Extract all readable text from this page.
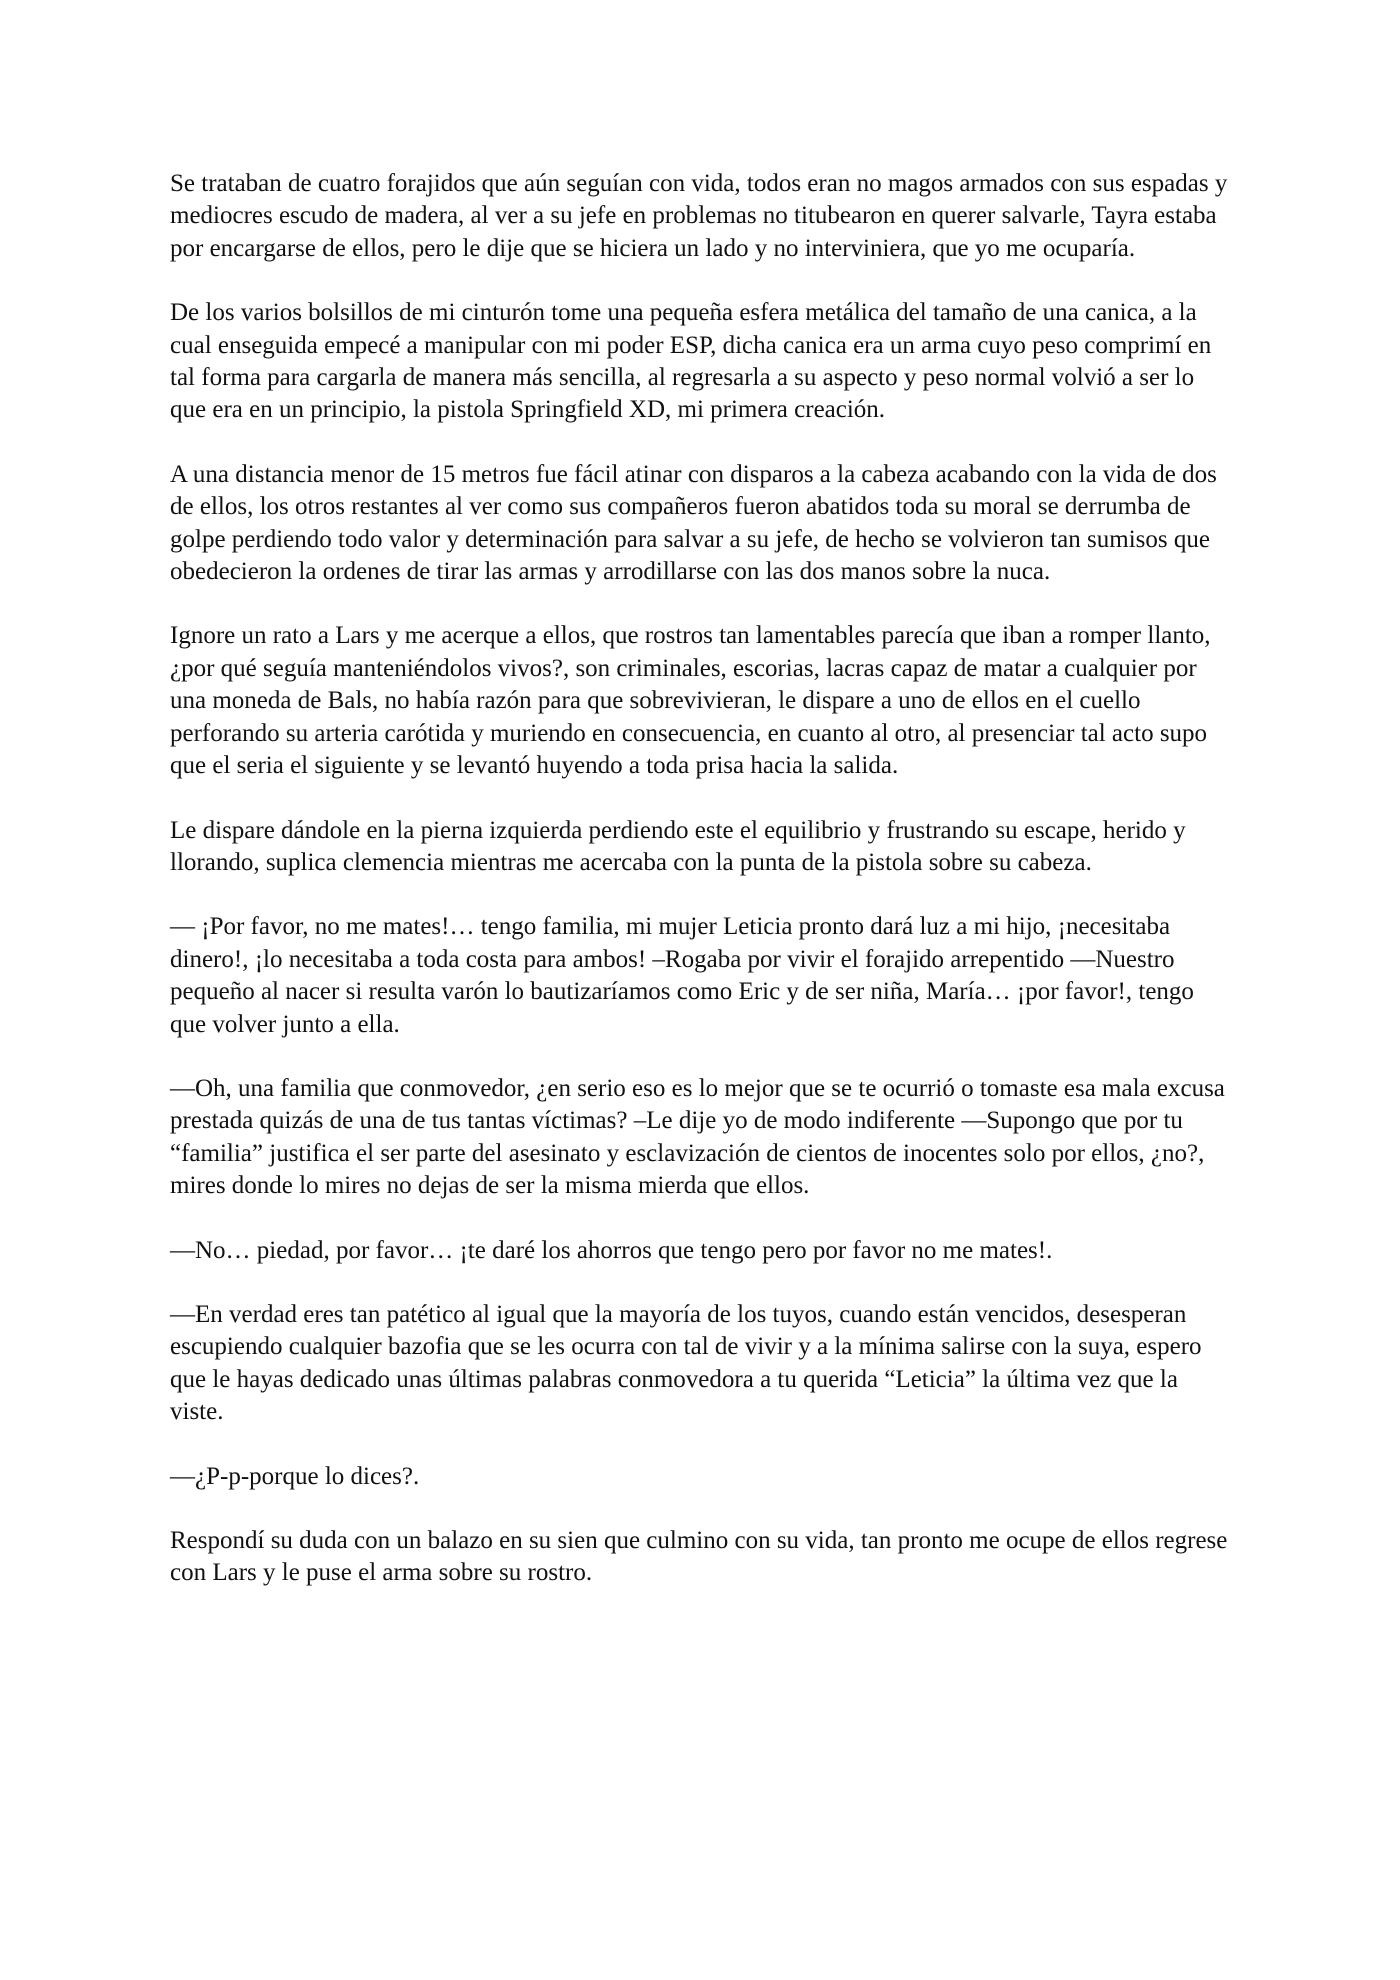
Se trataban de cuatro forajidos que aún seguían con vida, todos eran no magos armados con sus espadas y mediocres escudo de madera, al ver a su jefe en problemas no titubearon en querer salvarle, Tayra estaba por encargarse de ellos, pero le dije que se hiciera un lado y no interviniera, que yo me ocuparía.

De los varios bolsillos de mi cinturón tome una pequeña esfera metálica del tamaño de una canica, a la cual enseguida empecé a manipular con mi poder ESP, dicha canica era un arma cuyo peso comprimí en tal forma para cargarla de manera más sencilla, al regresarla a su aspecto y peso normal volvió a ser lo que era en un principio, la pistola Springfield XD, mi primera creación.

A una distancia menor de 15 metros fue fácil atinar con disparos a la cabeza acabando con la vida de dos de ellos, los otros restantes al ver como sus compañeros fueron abatidos toda su moral se derrumba de golpe perdiendo todo valor y determinación para salvar a su jefe, de hecho se volvieron tan sumisos que obedecieron la ordenes de tirar las armas y arrodillarse con las dos manos sobre la nuca.

Ignore un rato a Lars y me acerque a ellos, que rostros tan lamentables parecía que iban a romper llanto, ¿por qué seguía manteniéndolos vivos?, son criminales, escorias, lacras capaz de matar a cualquier por una moneda de Bals, no había razón para que sobrevivieran, le dispare a uno de ellos en el cuello perforando su arteria carótida y muriendo en consecuencia, en cuanto al otro, al presenciar tal acto supo que el seria el siguiente y se levantó huyendo a toda prisa hacia la salida.

Le dispare dándole en la pierna izquierda perdiendo este el equilibrio y frustrando su escape, herido y llorando, suplica clemencia mientras me acercaba con la punta de la pistola sobre su cabeza.

— ¡Por favor, no me mates!… tengo familia, mi mujer Leticia pronto dará luz a mi hijo, ¡necesitaba dinero!, ¡lo necesitaba a toda costa para ambos! –Rogaba por vivir el forajido arrepentido —Nuestro pequeño al nacer si resulta varón lo bautizaríamos como Eric y de ser niña, María… ¡por favor!, tengo que volver junto a ella.

—Oh, una familia que conmovedor, ¿en serio eso es lo mejor que se te ocurrió o tomaste esa mala excusa prestada quizás de una de tus tantas víctimas? –Le dije yo de modo indiferente —Supongo que por tu “familia” justifica el ser parte del asesinato y esclavización de cientos de inocentes solo por ellos, ¿no?, mires donde lo mires no dejas de ser la misma mierda que ellos.

—No… piedad, por favor… ¡te daré los ahorros que tengo pero por favor no me mates!.

—En verdad eres tan patético al igual que la mayoría de los tuyos, cuando están vencidos, desesperan escupiendo cualquier bazofia que se les ocurra con tal de vivir y a la mínima salirse con la suya, espero que le hayas dedicado unas últimas palabras conmovedora a tu querida “Leticia” la última vez que la viste.

—¿P-p-porque lo dices?.

Respondí su duda con un balazo en su sien que culmino con su vida, tan pronto me ocupe de ellos regrese con Lars y le puse el arma sobre su rostro.
